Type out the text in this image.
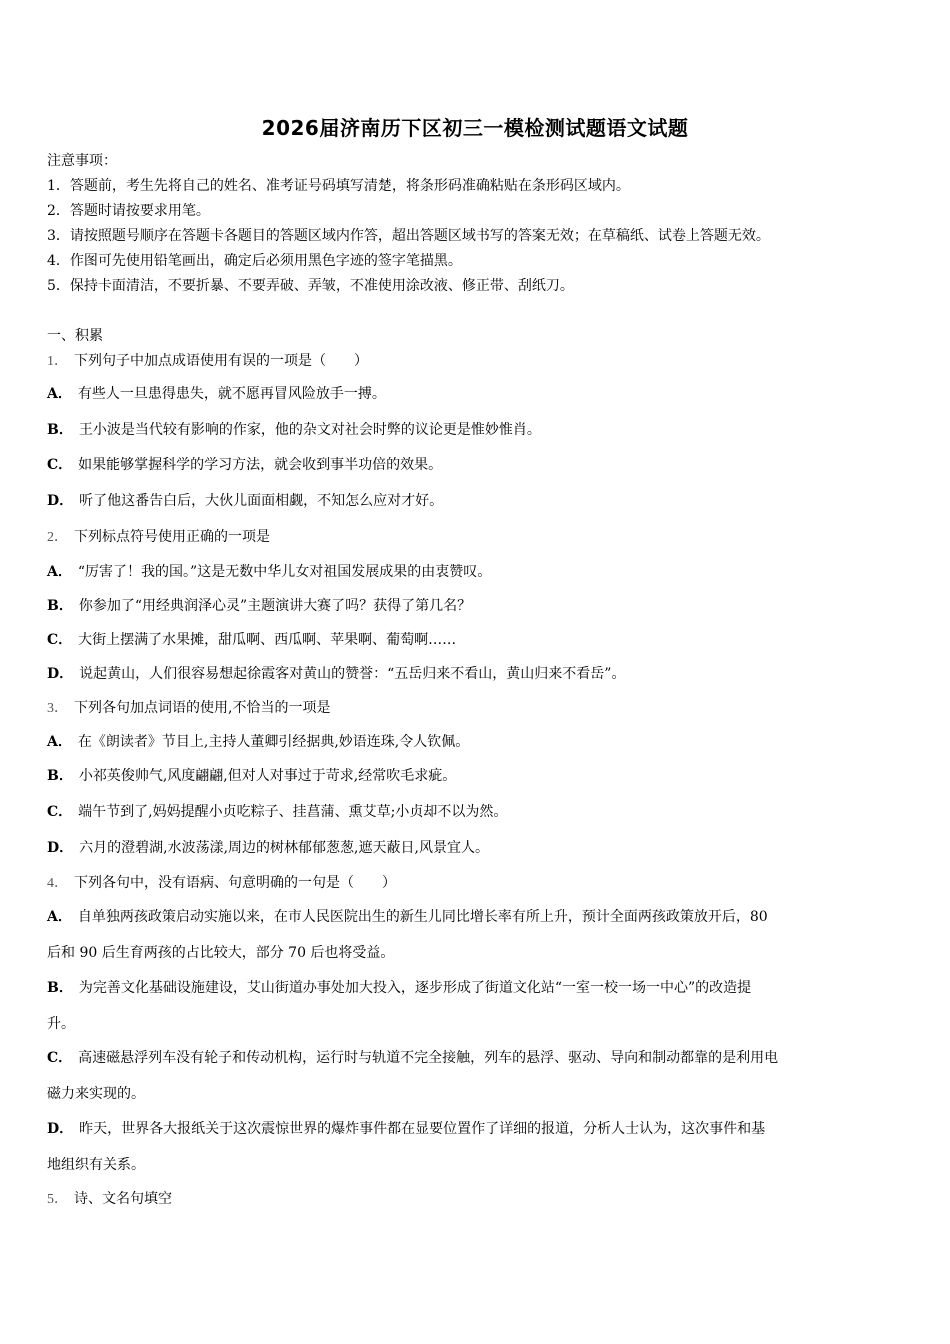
2026届济南历下区初三一模检测试题语文试题
注意事项：
1．答题前，考生先将自己的姓名、准考证号码填写清楚，将条形码准确粘贴在条形码区域内。
2．答题时请按要求用笔。
3．请按照题号顺序在答题卡各题目的答题区域内作答，超出答题区域书写的答案无效；在草稿纸、试卷上答题无效。
4．作图可先使用铅笔画出，确定后必须用黑色字迹的签字笔描黑。
5．保持卡面清洁，不要折暴、不要弄破、弄皱，不准使用涂改液、修正带、刮纸刀。
一、积累
1． 下列句子中加点成语使用有误的一项是（ ）
A． 有些人一旦患得患失，就不愿再冒风险放手一搏。
B． 王小波是当代较有影响的作家，他的杂文对社会时弊的议论更是惟妙惟肖。
C． 如果能够掌握科学的学习方法，就会收到事半功倍的效果。
D． 听了他这番告白后，大伙儿面面相觑，不知怎么应对才好。
2． 下列标点符号使用正确的一项是
A． “厉害了！我的国。”这是无数中华儿女对祖国发展成果的由衷赞叹。
B． 你参加了“用经典润泽心灵”主题演讲大赛了吗？获得了第几名？
C． 大街上摆满了水果摊，甜瓜啊、西瓜啊、苹果啊、葡萄啊……
D． 说起黄山，人们很容易想起徐霞客对黄山的赞誉：“五岳归来不看山，黄山归来不看岳”。
3． 下列各句加点词语的使用,不恰当的一项是
A． 在《朗读者》节目上,主持人董卿引经据典,妙语连珠,令人钦佩。
B． 小祁英俊帅气,风度翩翩,但对人对事过于苛求,经常吹毛求疵。
C． 端午节到了,妈妈提醒小贞吃粽子、挂菖蒲、熏艾草;小贞却不以为然。
D． 六月的澄碧湖,水波荡漾,周边的树林郁郁葱葱,遮天蔽日,风景宜人。
4． 下列各句中，没有语病、句意明确的一句是（ ）
A． 自单独两孩政策启动实施以来，在市人民医院出生的新生儿同比增长率有所上升，预计全面两孩政策放开后，80
后和 90 后生育两孩的占比较大，部分 70 后也将受益。
B． 为完善文化基础设施建设，艾山街道办事处加大投入，逐步形成了街道文化站“一室一校一场一中心”的改造提
升。
C． 高速磁悬浮列车没有轮子和传动机构，运行时与轨道不完全接触，列车的悬浮、驱动、导向和制动都靠的是利用电
磁力来实现的。
D． 昨天，世界各大报纸关于这次震惊世界的爆炸事件都在显要位置作了详细的报道，分析人士认为，这次事件和基
地组织有关系。
5． 诗、文名句填空
